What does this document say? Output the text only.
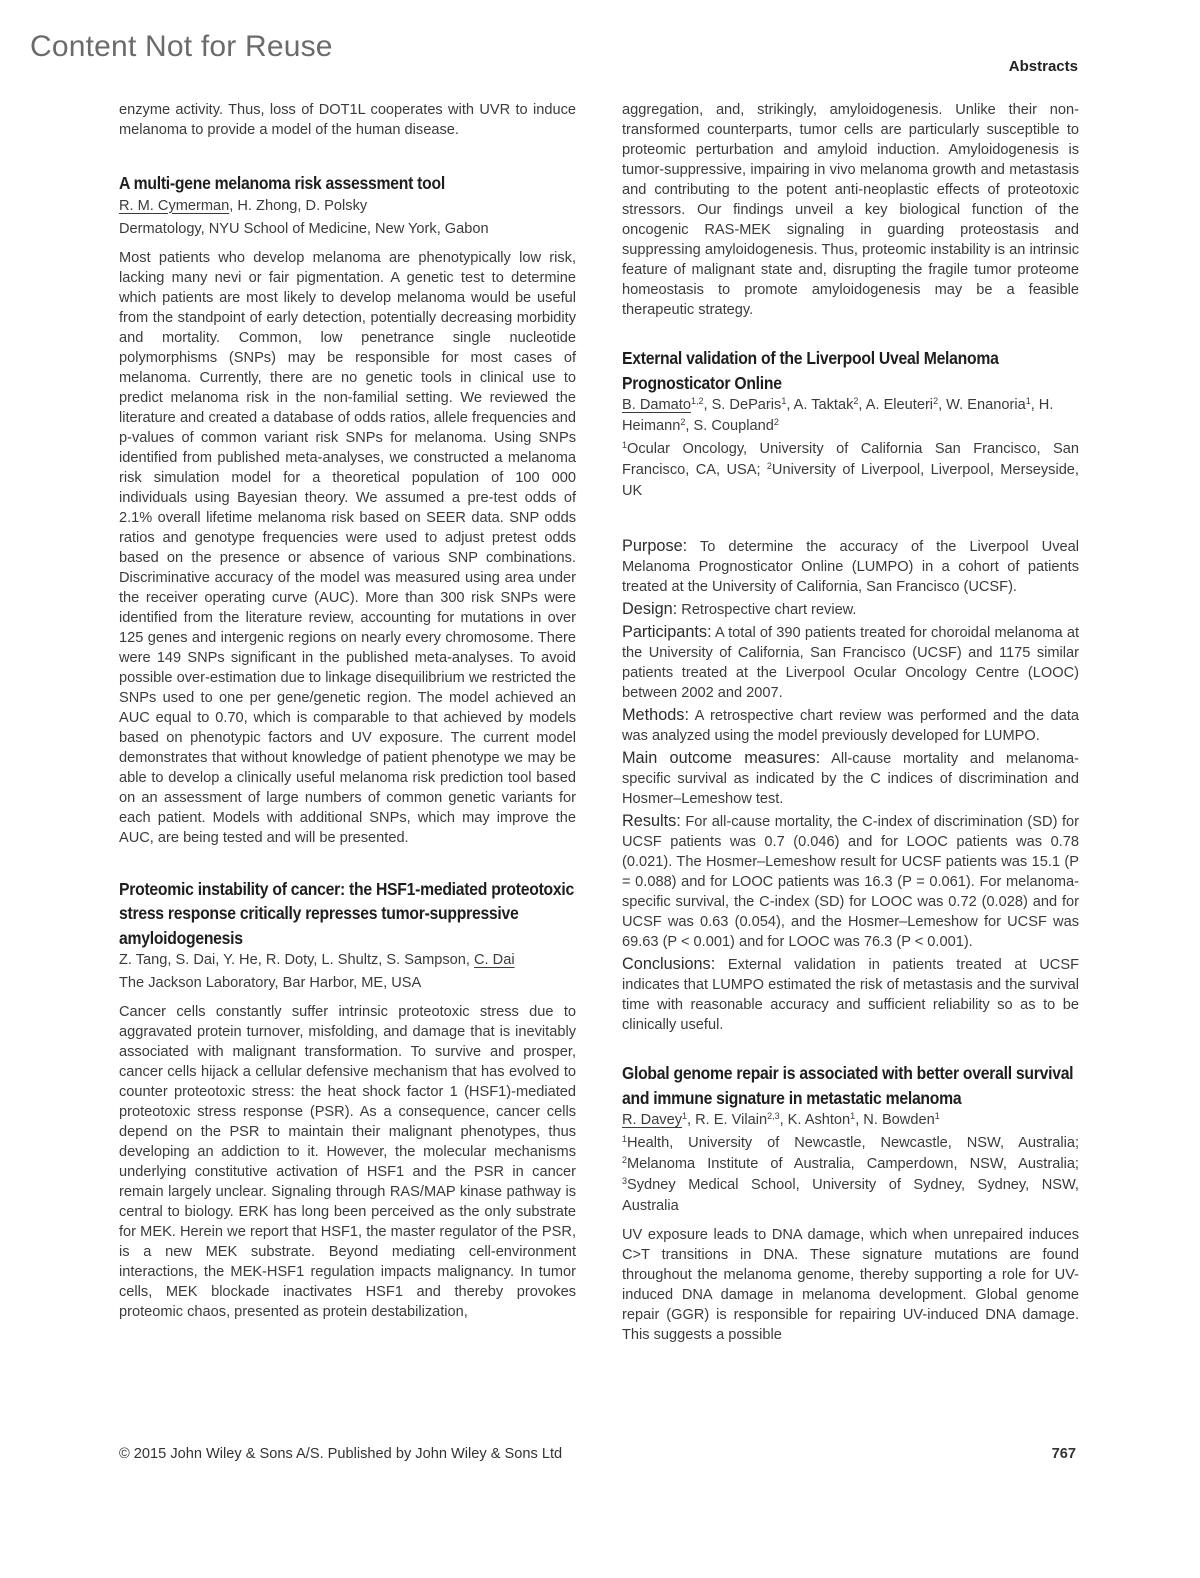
Content Not for Reuse
Abstracts

enzyme activity. Thus, loss of DOT1L cooperates with UVR to induce melanoma to provide a model of the human disease.

A multi-gene melanoma risk assessment tool

R. M. Cymerman, H. Zhong, D. Polsky

Dermatology, NYU School of Medicine, New York, Gabon

Most patients who develop melanoma are phenotypically low risk, lacking many nevi or fair pigmentation. A genetic test to determine which patients are most likely to develop melanoma would be useful from the standpoint of early detection, potentially decreasing morbidity and mortality. Common, low penetrance single nucleotide polymorphisms (SNPs) may be responsible for most cases of melanoma. Currently, there are no genetic tools in clinical use to predict melanoma risk in the non-familial setting. We reviewed the literature and created a database of odds ratios, allele frequencies and p-values of common variant risk SNPs for melanoma. Using SNPs identified from published meta-analyses, we constructed a melanoma risk simulation model for a theoretical population of 100 000 individuals using Bayesian theory. We assumed a pre-test odds of 2.1% overall lifetime melanoma risk based on SEER data. SNP odds ratios and genotype frequencies were used to adjust pretest odds based on the presence or absence of various SNP combinations. Discriminative accuracy of the model was measured using area under the receiver operating curve (AUC). More than 300 risk SNPs were identified from the literature review, accounting for mutations in over 125 genes and intergenic regions on nearly every chromosome. There were 149 SNPs significant in the published meta-analyses. To avoid possible over-estimation due to linkage disequilibrium we restricted the SNPs used to one per gene/genetic region. The model achieved an AUC equal to 0.70, which is comparable to that achieved by models based on phenotypic factors and UV exposure. The current model demonstrates that without knowledge of patient phenotype we may be able to develop a clinically useful melanoma risk prediction tool based on an assessment of large numbers of common genetic variants for each patient. Models with additional SNPs, which may improve the AUC, are being tested and will be presented.

Proteomic instability of cancer: the HSF1-mediated proteotoxic stress response critically represses tumor-suppressive amyloidogenesis

Z. Tang, S. Dai, Y. He, R. Doty, L. Shultz, S. Sampson, C. Dai

The Jackson Laboratory, Bar Harbor, ME, USA

Cancer cells constantly suffer intrinsic proteotoxic stress due to aggravated protein turnover, misfolding, and damage that is inevitably associated with malignant transformation. To survive and prosper, cancer cells hijack a cellular defensive mechanism that has evolved to counter proteotoxic stress: the heat shock factor 1 (HSF1)-mediated proteotoxic stress response (PSR). As a consequence, cancer cells depend on the PSR to maintain their malignant phenotypes, thus developing an addiction to it. However, the molecular mechanisms underlying constitutive activation of HSF1 and the PSR in cancer remain largely unclear. Signaling through RAS/MAP kinase pathway is central to biology. ERK has long been perceived as the only substrate for MEK. Herein we report that HSF1, the master regulator of the PSR, is a new MEK substrate. Beyond mediating cell-environment interactions, the MEK-HSF1 regulation impacts malignancy. In tumor cells, MEK blockade inactivates HSF1 and thereby provokes proteomic chaos, presented as protein destabilization,

aggregation, and, strikingly, amyloidogenesis. Unlike their non-transformed counterparts, tumor cells are particularly susceptible to proteomic perturbation and amyloid induction. Amyloidogenesis is tumor-suppressive, impairing in vivo melanoma growth and metastasis and contributing to the potent anti-neoplastic effects of proteotoxic stressors. Our findings unveil a key biological function of the oncogenic RAS-MEK signaling in guarding proteostasis and suppressing amyloidogenesis. Thus, proteomic instability is an intrinsic feature of malignant state and, disrupting the fragile tumor proteome homeostasis to promote amyloidogenesis may be a feasible therapeutic strategy.

External validation of the Liverpool Uveal Melanoma Prognosticator Online

B. Damato$^{1,2}$, S. DeParis$^1$, A. Taktak$^2$, A. Eleuteri$^2$, W. Enanoria$^1$, H. Heimann$^2$, S. Coupland$^2$

$^1$Ocular Oncology, University of California San Francisco, San Francisco, CA, USA; $^2$University of Liverpool, Liverpool, Merseyside, UK

Purpose: To determine the accuracy of the Liverpool Uveal Melanoma Prognosticator Online (LUMPO) in a cohort of patients treated at the University of California, San Francisco (UCSF).

Design: Retrospective chart review.

Participants: A total of 390 patients treated for choroidal melanoma at the University of California, San Francisco (UCSF) and 1175 similar patients treated at the Liverpool Ocular Oncology Centre (LOOC) between 2002 and 2007.

Methods: A retrospective chart review was performed and the data was analyzed using the model previously developed for LUMPO.

Main outcome measures: All-cause mortality and melanoma-specific survival as indicated by the C indices of discrimination and Hosmer–Lemeshow test.

Results: For all-cause mortality, the C-index of discrimination (SD) for UCSF patients was 0.7 (0.046) and for LOOC patients was 0.78 (0.021). The Hosmer–Lemeshow result for UCSF patients was 15.1 (P = 0.088) and for LOOC patients was 16.3 (P = 0.061). For melanoma-specific survival, the C-index (SD) for LOOC was 0.72 (0.028) and for UCSF was 0.63 (0.054), and the Hosmer–Lemeshow for UCSF was 69.63 (P < 0.001) and for LOOC was 76.3 (P < 0.001).

Conclusions: External validation in patients treated at UCSF indicates that LUMPO estimated the risk of metastasis and the survival time with reasonable accuracy and sufficient reliability so as to be clinically useful.

Global genome repair is associated with better overall survival and immune signature in metastatic melanoma

R. Davey$^1$, R. E. Vilain$^{2,3}$, K. Ashton$^1$, N. Bowden$^1$

$^1$Health, University of Newcastle, Newcastle, NSW, Australia; $^2$Melanoma Institute of Australia, Camperdown, NSW, Australia; $^3$Sydney Medical School, University of Sydney, Sydney, NSW, Australia

UV exposure leads to DNA damage, which when unrepaired induces C>T transitions in DNA. These signature mutations are found throughout the melanoma genome, thereby supporting a role for UV-induced DNA damage in melanoma development. Global genome repair (GGR) is responsible for repairing UV-induced DNA damage. This suggests a possible

© 2015 John Wiley & Sons A/S. Published by John Wiley & Sons Ltd	767
